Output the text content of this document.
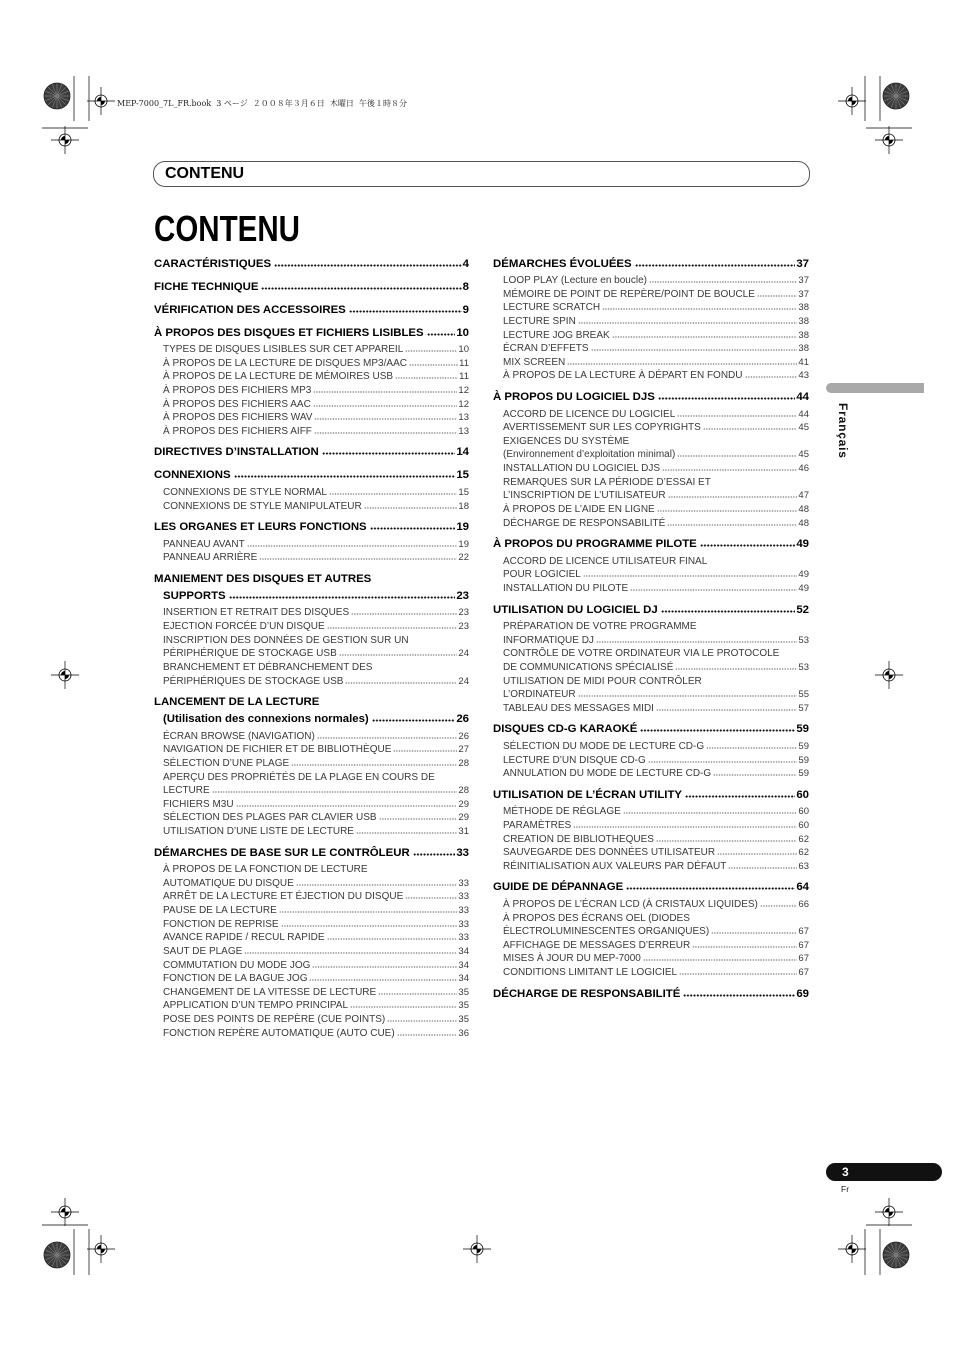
MEP-7000_7L_FR.book  3 ページ  ２００８年３月６日  木曜日  午後１時８分
CONTENU
CONTENU
CARACTÉRISTIQUES	4
FICHE TECHNIQUE	8
VÉRIFICATION DES ACCESSOIRES	9
À PROPOS DES DISQUES ET FICHIERS LISIBLES	10
TYPES DE DISQUES LISIBLES SUR CET APPAREIL	10
À PROPOS DE LA LECTURE DE DISQUES MP3/AAC	11
À PROPOS DE LA LECTURE DE MÉMOIRES USB	11
À PROPOS DES FICHIERS MP3	12
À PROPOS DES FICHIERS AAC	12
À PROPOS DES FICHIERS WAV	13
À PROPOS DES FICHIERS AIFF	13
DIRECTIVES D’INSTALLATION	14
CONNEXIONS	15
CONNEXIONS DE STYLE NORMAL	15
CONNEXIONS DE STYLE MANIPULATEUR	18
LES ORGANES ET LEURS FONCTIONS	19
PANNEAU AVANT	19
PANNEAU ARRIÈRE	22
MANIEMENT DES DISQUES ET AUTRES
SUPPORTS	23
INSERTION ET RETRAIT DES DISQUES	23
EJECTION FORCÉE D’UN DISQUE	23
INSCRIPTION DES DONNÉES DE GESTION SUR UN
PÉRIPHÉRIQUE DE STOCKAGE USB	24
BRANCHEMENT ET DÉBRANCHEMENT DES
PÉRIPHÉRIQUES DE STOCKAGE USB	24
LANCEMENT DE LA LECTURE
(Utilisation des connexions normales)	26
ÉCRAN BROWSE (NAVIGATION)	26
NAVIGATION DE FICHIER ET DE BIBLIOTHÈQUE	27
SÉLECTION D’UNE PLAGE	28
APERÇU DES PROPRIÉTÉS DE LA PLAGE EN COURS DE
LECTURE	28
FICHIERS M3U	29
SÉLECTION DES PLAGES PAR CLAVIER USB	29
UTILISATION D’UNE LISTE DE LECTURE	31
DÉMARCHES DE BASE SUR LE CONTRÔLEUR	33
À PROPOS DE LA FONCTION DE LECTURE
AUTOMATIQUE DU DISQUE	33
ARRÊT DE LA LECTURE ET ÉJECTION DU DISQUE	33
PAUSE DE LA LECTURE	33
FONCTION DE REPRISE	33
AVANCE RAPIDE / RECUL RAPIDE	33
SAUT DE PLAGE	34
COMMUTATION DU MODE JOG	34
FONCTION DE LA BAGUE JOG	34
CHANGEMENT DE LA VITESSE DE LECTURE	35
APPLICATION D’UN TEMPO PRINCIPAL	35
POSE DES POINTS DE REPÈRE (CUE POINTS)	35
FONCTION REPÈRE AUTOMATIQUE (AUTO CUE)	36
DÉMARCHES ÉVOLUÉES	37
LOOP PLAY (Lecture en boucle)	37
MÉMOIRE DE POINT DE REPÈRE/POINT DE BOUCLE	37
LECTURE SCRATCH	38
LECTURE SPIN	38
LECTURE JOG BREAK	38
ÉCRAN D’EFFETS	38
MIX SCREEN	41
À PROPOS DE LA LECTURE À DÉPART EN FONDU	43
À PROPOS DU LOGICIEL DJS	44
ACCORD DE LICENCE DU LOGICIEL	44
AVERTISSEMENT SUR LES COPYRIGHTS	45
EXIGENCES DU SYSTÈME
(Environnement d’exploitation minimal)	45
INSTALLATION DU LOGICIEL DJS	46
REMARQUES SUR LA PÉRIODE D’ESSAI ET
L’INSCRIPTION DE L’UTILISATEUR	47
À PROPOS DE L’AIDE EN LIGNE	48
DÉCHARGE DE RESPONSABILITÉ	48
À PROPOS DU PROGRAMME PILOTE	49
ACCORD DE LICENCE UTILISATEUR FINAL
POUR LOGICIEL	49
INSTALLATION DU PILOTE	49
UTILISATION DU LOGICIEL DJ	52
PRÉPARATION DE VOTRE PROGRAMME
INFORMATIQUE DJ	53
CONTRÔLE DE VOTRE ORDINATEUR VIA LE PROTOCOLE
DE COMMUNICATIONS SPÉCIALISÉ	53
UTILISATION DE MIDI POUR CONTRÔLER
L’ORDINATEUR	55
TABLEAU DES MESSAGES MIDI	57
DISQUES CD-G KARAOKÉ	59
SÉLECTION DU MODE DE LECTURE CD-G	59
LECTURE D’UN DISQUE CD-G	59
ANNULATION DU MODE DE LECTURE CD-G	59
UTILISATION DE L’ÉCRAN UTILITY	60
MÉTHODE DE RÉGLAGE	60
PARAMÈTRES	60
CREATION DE BIBLIOTHEQUES	62
SAUVEGARDE DES DONNÉES UTILISATEUR	62
RÉINITIALISATION AUX VALEURS PAR DÉFAUT	63
GUIDE DE DÉPANNAGE	64
À PROPOS DE L’ÉCRAN LCD (À CRISTAUX LIQUIDES)	66
À PROPOS DES ÉCRANS OEL (DIODES
ÉLECTROLUMINESCENTES ORGANIQUES)	67
AFFICHAGE DE MESSAGES D’ERREUR	67
MISES À JOUR DU MEP-7000	67
CONDITIONS LIMITANT LE LOGICIEL	67
DÉCHARGE DE RESPONSABILITÉ	69
Français
3
Fr
